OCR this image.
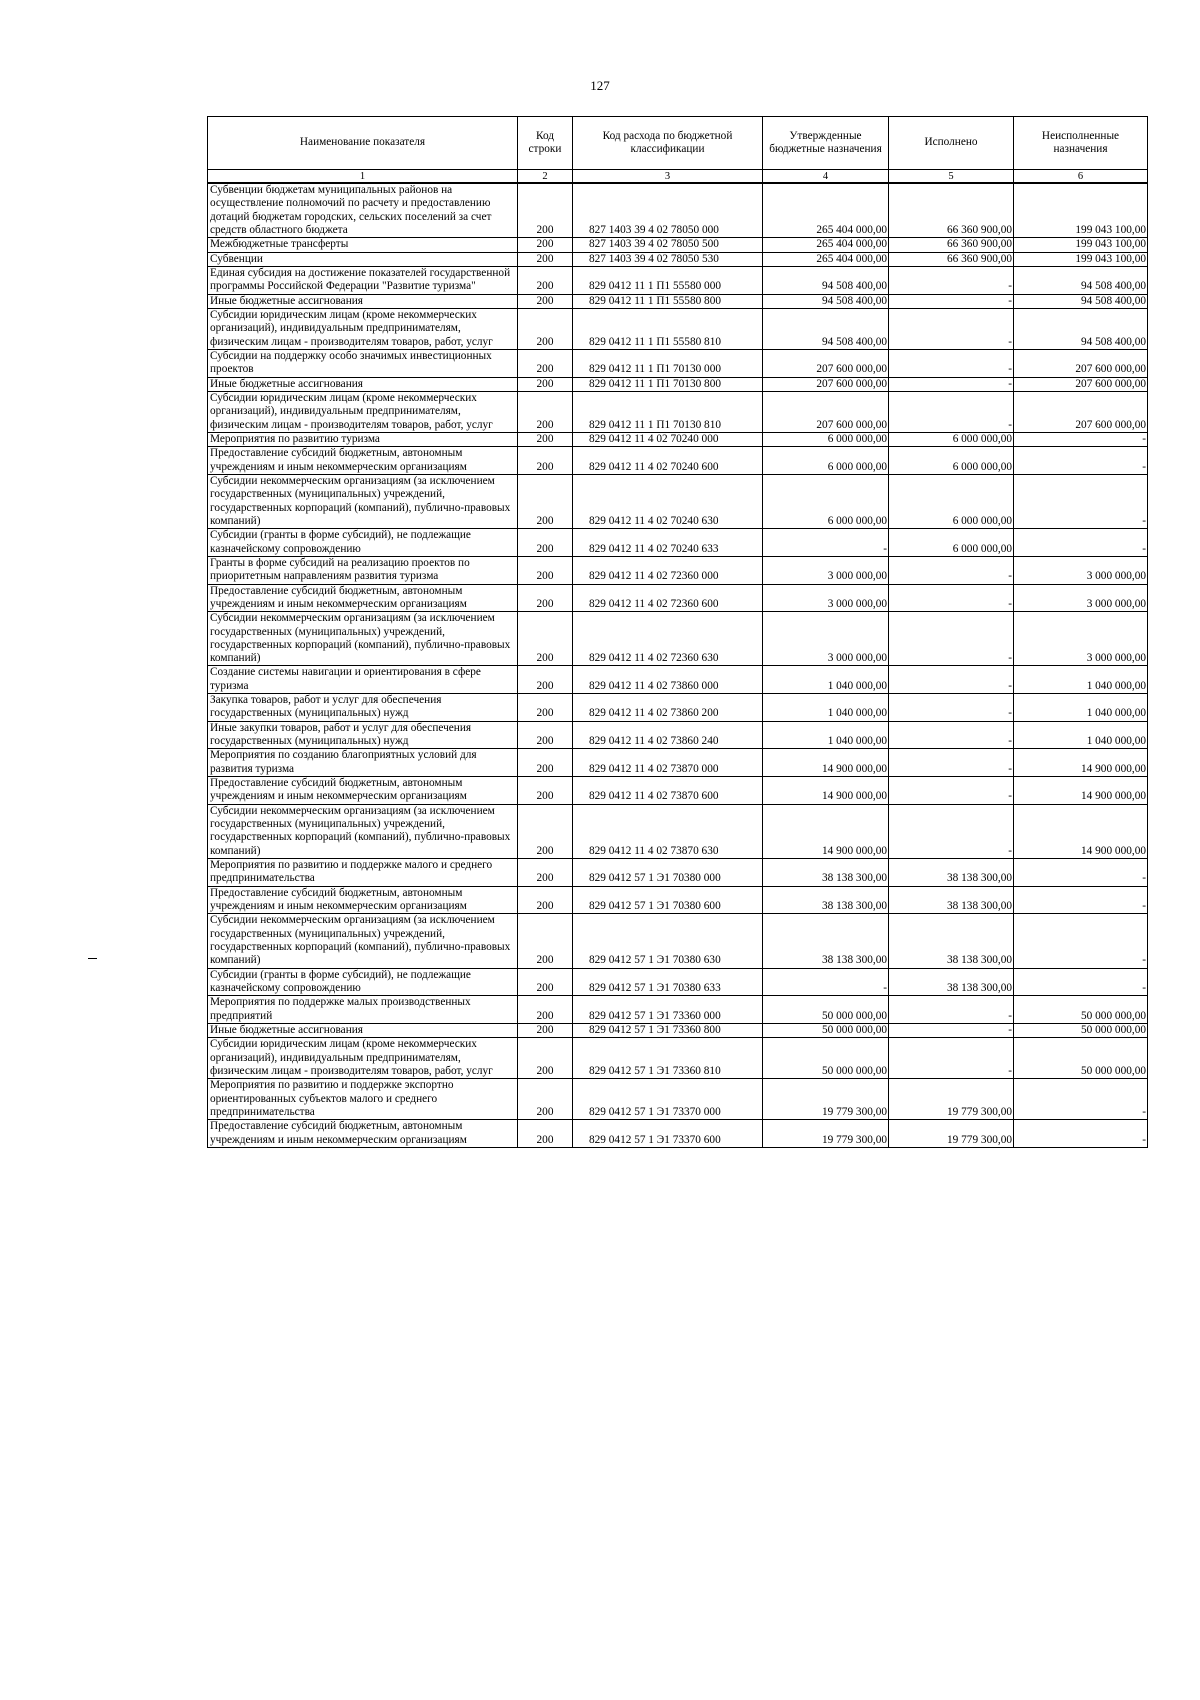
127
Наименование показателя	Код строки	Код расхода по бюджетной классификации	Утвержденные бюджетные назначения	Исполнено	Неисполненные назначения
1	2	3	4	5	6
Субвенции бюджетам муниципальных районов на осуществление полномочий по расчету и предоставлению дотаций бюджетам городских, сельских поселений за счет средств областного бюджета	200	827 1403 39 4 02 78050 000	265 404 000,00	66 360 900,00	199 043 100,00
Межбюджетные трансферты	200	827 1403 39 4 02 78050 500	265 404 000,00	66 360 900,00	199 043 100,00
Субвенции	200	827 1403 39 4 02 78050 530	265 404 000,00	66 360 900,00	199 043 100,00
Единая субсидия на достижение показателей государственной программы Российской Федерации "Развитие туризма"	200	829 0412 11 1 П1 55580 000	94 508 400,00	-	94 508 400,00
Иные бюджетные ассигнования	200	829 0412 11 1 П1 55580 800	94 508 400,00	-	94 508 400,00
Субсидии юридическим лицам (кроме некоммерческих организаций), индивидуальным предпринимателям, физическим лицам - производителям товаров, работ, услуг	200	829 0412 11 1 П1 55580 810	94 508 400,00	-	94 508 400,00
Субсидии на поддержку особо значимых инвестиционных проектов	200	829 0412 11 1 П1 70130 000	207 600 000,00	-	207 600 000,00
Иные бюджетные ассигнования	200	829 0412 11 1 П1 70130 800	207 600 000,00	-	207 600 000,00
Субсидии юридическим лицам (кроме некоммерческих организаций), индивидуальным предпринимателям, физическим лицам - производителям товаров, работ, услуг	200	829 0412 11 1 П1 70130 810	207 600 000,00	-	207 600 000,00
Мероприятия по развитию туризма	200	829 0412 11 4 02 70240 000	6 000 000,00	6 000 000,00	-
Предоставление субсидий бюджетным, автономным учреждениям и иным некоммерческим организациям	200	829 0412 11 4 02 70240 600	6 000 000,00	6 000 000,00	-
Субсидии некоммерческим организациям (за исключением государственных (муниципальных) учреждений, государственных корпораций (компаний), публично-правовых компаний)	200	829 0412 11 4 02 70240 630	6 000 000,00	6 000 000,00	-
Субсидии (гранты в форме субсидий), не подлежащие казначейскому сопровождению	200	829 0412 11 4 02 70240 633	-	6 000 000,00	-
Гранты в форме субсидий на реализацию проектов по приоритетным направлениям развития туризма	200	829 0412 11 4 02 72360 000	3 000 000,00	-	3 000 000,00
Предоставление субсидий бюджетным, автономным учреждениям и иным некоммерческим организациям	200	829 0412 11 4 02 72360 600	3 000 000,00	-	3 000 000,00
Субсидии некоммерческим организациям (за исключением государственных (муниципальных) учреждений, государственных корпораций (компаний), публично-правовых компаний)	200	829 0412 11 4 02 72360 630	3 000 000,00	-	3 000 000,00
Создание системы навигации и ориентирования в сфере туризма	200	829 0412 11 4 02 73860 000	1 040 000,00	-	1 040 000,00
Закупка товаров, работ и услуг для обеспечения государственных (муниципальных) нужд	200	829 0412 11 4 02 73860 200	1 040 000,00	-	1 040 000,00
Иные закупки товаров, работ и услуг для обеспечения государственных (муниципальных) нужд	200	829 0412 11 4 02 73860 240	1 040 000,00	-	1 040 000,00
Мероприятия по созданию благоприятных условий для развития туризма	200	829 0412 11 4 02 73870 000	14 900 000,00	-	14 900 000,00
Предоставление субсидий бюджетным, автономным учреждениям и иным некоммерческим организациям	200	829 0412 11 4 02 73870 600	14 900 000,00	-	14 900 000,00
Субсидии некоммерческим организациям (за исключением государственных (муниципальных) учреждений, государственных корпораций (компаний), публично-правовых компаний)	200	829 0412 11 4 02 73870 630	14 900 000,00	-	14 900 000,00
Мероприятия по развитию и поддержке малого и среднего предпринимательства	200	829 0412 57 1 Э1 70380 000	38 138 300,00	38 138 300,00	-
Предоставление субсидий бюджетным, автономным учреждениям и иным некоммерческим организациям	200	829 0412 57 1 Э1 70380 600	38 138 300,00	38 138 300,00	-
Субсидии некоммерческим организациям (за исключением государственных (муниципальных) учреждений, государственных корпораций (компаний), публично-правовых компаний)	200	829 0412 57 1 Э1 70380 630	38 138 300,00	38 138 300,00	-
Субсидии (гранты в форме субсидий), не подлежащие казначейскому сопровождению	200	829 0412 57 1 Э1 70380 633	-	38 138 300,00	-
Мероприятия по поддержке малых производственных предприятий	200	829 0412 57 1 Э1 73360 000	50 000 000,00	-	50 000 000,00
Иные бюджетные ассигнования	200	829 0412 57 1 Э1 73360 800	50 000 000,00	-	50 000 000,00
Субсидии юридическим лицам (кроме некоммерческих организаций), индивидуальным предпринимателям, физическим лицам - производителям товаров, работ, услуг	200	829 0412 57 1 Э1 73360 810	50 000 000,00	-	50 000 000,00
Мероприятия по развитию и поддержке экспортно ориентированных субъектов малого и среднего предпринимательства	200	829 0412 57 1 Э1 73370 000	19 779 300,00	19 779 300,00	-
Предоставление субсидий бюджетным, автономным учреждениям и иным некоммерческим организациям	200	829 0412 57 1 Э1 73370 600	19 779 300,00	19 779 300,00	-
